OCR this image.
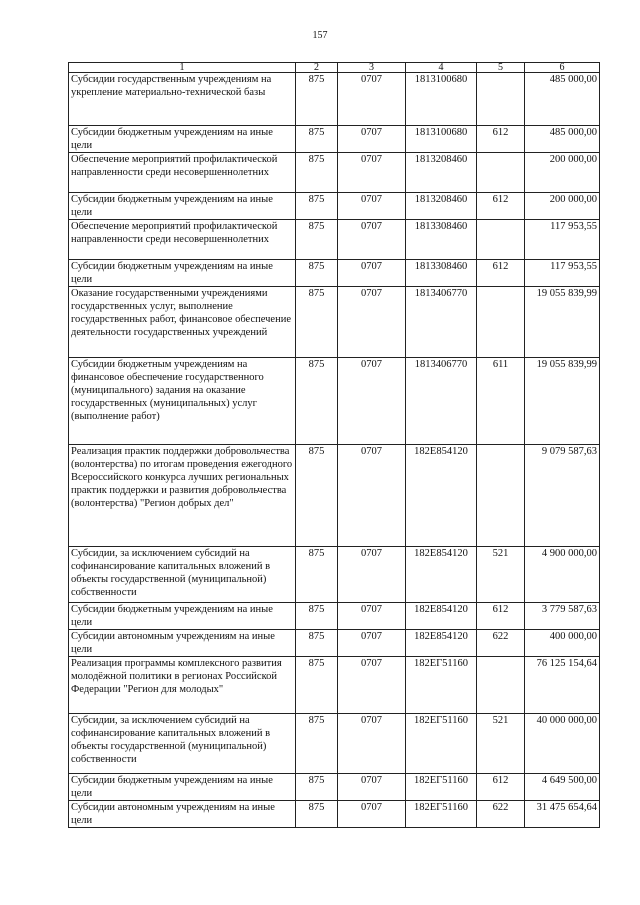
157
1	2	3	4	5	6
Субсидии государственным учреждениям на укрепление материально-технической базы	875	0707	1813100680		485 000,00
Субсидии бюджетным учреждениям на иные цели	875	0707	1813100680	612	485 000,00
Обеспечение мероприятий профилактической направленности среди несовершеннолетних	875	0707	1813208460		200 000,00
Субсидии бюджетным учреждениям на иные цели	875	0707	1813208460	612	200 000,00
Обеспечение мероприятий профилактической направленности среди несовершеннолетних	875	0707	1813308460		117 953,55
Субсидии бюджетным учреждениям на иные цели	875	0707	1813308460	612	117 953,55
Оказание государственными учреждениями государственных услуг, выполнение государственных работ, финансовое обеспечение деятельности государственных учреждений	875	0707	1813406770		19 055 839,99
Субсидии бюджетным учреждениям на финансовое обеспечение государственного (муниципального) задания на оказание государственных (муниципальных) услуг (выполнение работ)	875	0707	1813406770	611	19 055 839,99
Реализация практик поддержки добровольчества (волонтерства) по итогам проведения ежегодного Всероссийского конкурса лучших региональных практик поддержки и развития добровольчества (волонтерства) "Регион добрых дел"	875	0707	182E854120		9 079 587,63
Субсидии, за исключением субсидий на софинансирование капитальных вложений в объекты государственной (муниципальной) собственности	875	0707	182E854120	521	4 900 000,00
Субсидии бюджетным учреждениям на иные цели	875	0707	182E854120	612	3 779 587,63
Субсидии автономным учреждениям на иные цели	875	0707	182E854120	622	400 000,00
Реализация программы комплексного развития молодёжной политики в регионах Российской Федерации "Регион для молодых"	875	0707	182ЕГ51160		76 125 154,64
Субсидии, за исключением субсидий на софинансирование капитальных вложений в объекты государственной (муниципальной) собственности	875	0707	182ЕГ51160	521	40 000 000,00
Субсидии бюджетным учреждениям на иные цели	875	0707	182ЕГ51160	612	4 649 500,00
Субсидии автономным учреждениям на иные цели	875	0707	182ЕГ51160	622	31 475 654,64
